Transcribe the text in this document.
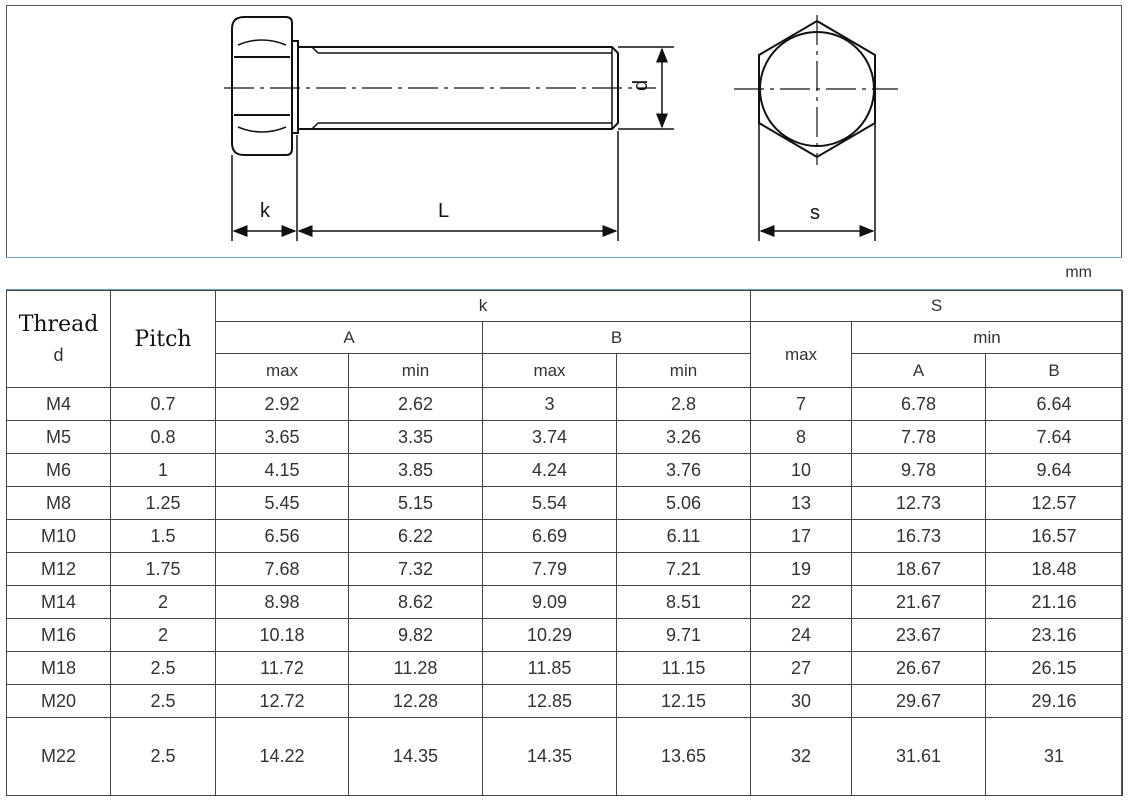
d
k	L	s
mm
Thread
d	Pitch	k				S		
		A		B		max	min	
		max	min	max	min		A	B
M4	0.7	2.92	2.62	3	2.8	7	6.78	6.64
M5	0.8	3.65	3.35	3.74	3.26	8	7.78	7.64
M6	1	4.15	3.85	4.24	3.76	10	9.78	9.64
M8	1.25	5.45	5.15	5.54	5.06	13	12.73	12.57
M10	1.5	6.56	6.22	6.69	6.11	17	16.73	16.57
M12	1.75	7.68	7.32	7.79	7.21	19	18.67	18.48
M14	2	8.98	8.62	9.09	8.51	22	21.67	21.16
M16	2	10.18	9.82	10.29	9.71	24	23.67	23.16
M18	2.5	11.72	11.28	11.85	11.15	27	26.67	26.15
M20	2.5	12.72	12.28	12.85	12.15	30	29.67	29.16
M22	2.5	14.22	14.35	14.35	13.65	32	31.61	31
